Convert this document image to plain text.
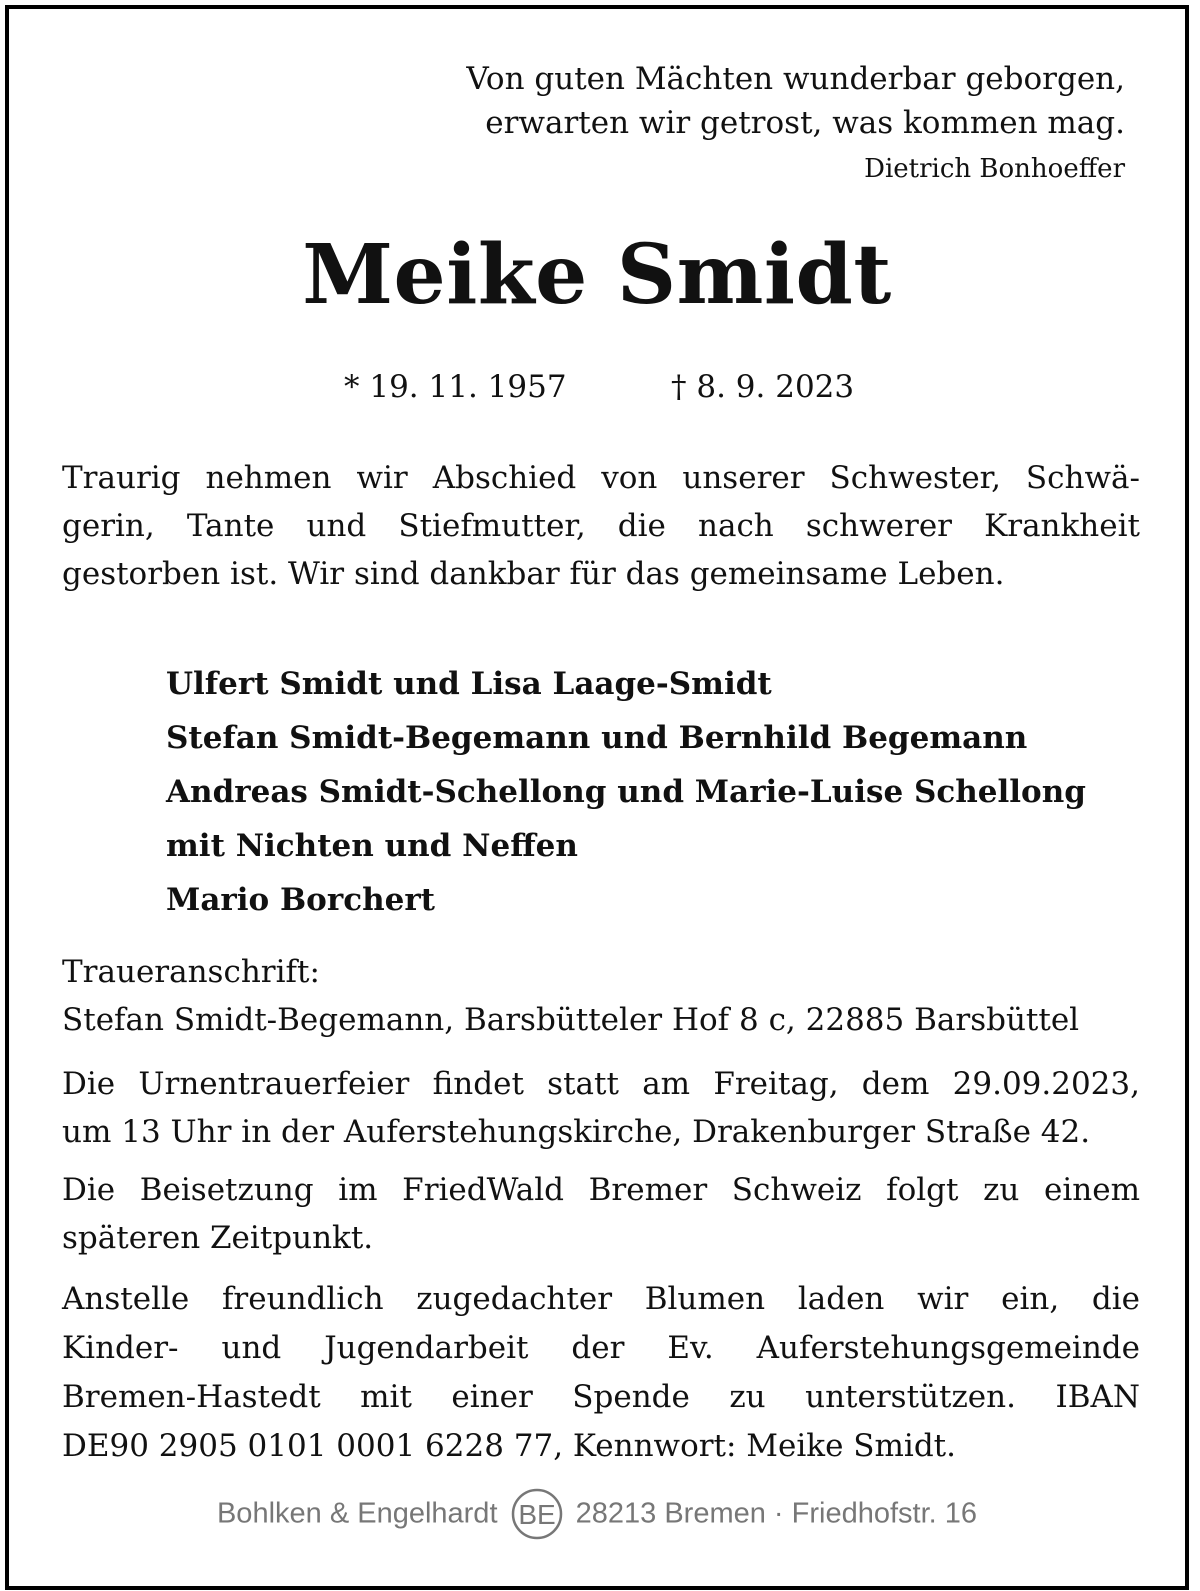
Von guten Mächten wunderbar geborgen,
erwarten wir getrost, was kommen mag.
Dietrich Bonhoeffer
Meike Smidt
* 19. 11. 1957	† 8. 9. 2023
Traurig nehmen wir Abschied von unserer Schwester, Schwä-
gerin, Tante und Stiefmutter, die nach schwerer Krankheit
gestorben ist. Wir sind dankbar für das gemeinsame Leben.
Ulfert Smidt und Lisa Laage-Smidt
Stefan Smidt-Begemann und Bernhild Begemann
Andreas Smidt-Schellong und Marie-Luise Schellong
mit Nichten und Neffen
Mario Borchert
Traueranschrift:
Stefan Smidt-Begemann, Barsbütteler Hof 8 c, 22885 Barsbüttel
Die Urnentrauerfeier findet statt am Freitag, dem 29.09.2023,
um 13 Uhr in der Auferstehungskirche, Drakenburger Straße 42.
Die Beisetzung im FriedWald Bremer Schweiz folgt zu einem
späteren Zeitpunkt.
Anstelle freundlich zugedachter Blumen laden wir ein, die
Kinder- und Jugendarbeit der Ev. Auferstehungsgemeinde
Bremen-Hastedt mit einer Spende zu unterstützen. IBAN
DE90 2905 0101 0001 6228 77, Kennwort: Meike Smidt.
Bohlken & Engelhardt BE 28213 Bremen · Friedhofstr. 16
